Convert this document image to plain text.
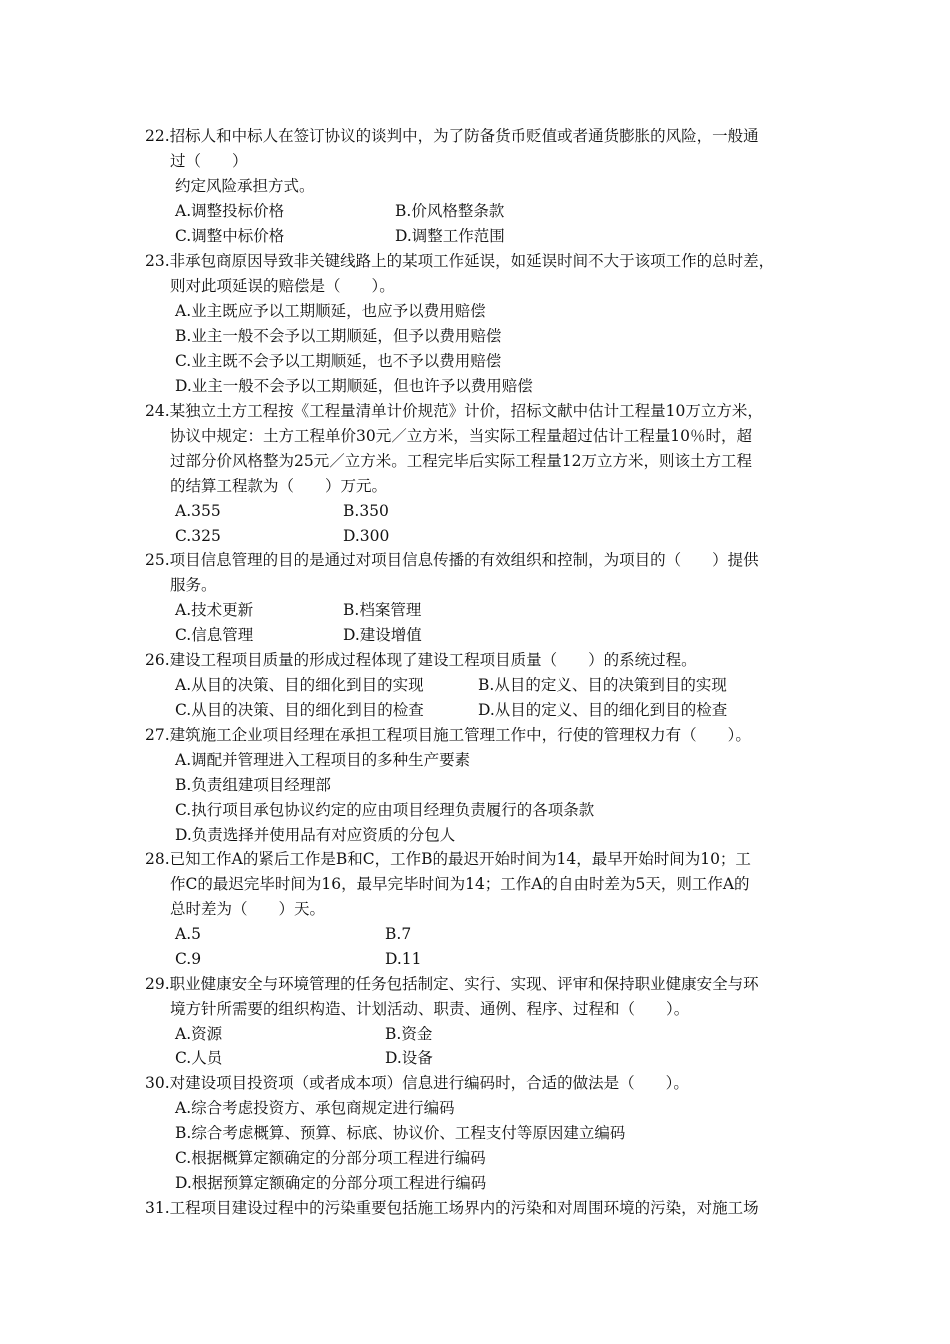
22.招标人和中标人在签订协议的谈判中，为了防备货币贬值或者通货膨胀的风险，一般通
过（　　）
约定风险承担方式。
A.调整投标价格	B.价风格整条款
C.调整中标价格	D.调整工作范围
23.非承包商原因导致非关键线路上的某项工作延误，如延误时间不大于该项工作的总时差，
则对此项延误的赔偿是（　　）。
A.业主既应予以工期顺延，也应予以费用赔偿
B.业主一般不会予以工期顺延，但予以费用赔偿
C.业主既不会予以工期顺延，也不予以费用赔偿
D.业主一般不会予以工期顺延，但也许予以费用赔偿
24.某独立土方工程按《工程量清单计价规范》计价，招标文献中估计工程量10万立方米，
协议中规定：土方工程单价30元／立方米，当实际工程量超过估计工程量10％时，超
过部分价风格整为25元／立方米。工程完毕后实际工程量12万立方米，则该土方工程
的结算工程款为（　　）万元。
A.355	B.350
C.325	D.300
25.项目信息管理的目的是通过对项目信息传播的有效组织和控制，为项目的（　　）提供
服务。
A.技术更新	B.档案管理
C.信息管理	D.建设增值
26.建设工程项目质量的形成过程体现了建设工程项目质量（　　）的系统过程。
A.从目的决策、目的细化到目的实现	B.从目的定义、目的决策到目的实现
C.从目的决策、目的细化到目的检查	D.从目的定义、目的细化到目的检查
27.建筑施工企业项目经理在承担工程项目施工管理工作中，行使的管理权力有（　　）。
A.调配并管理进入工程项目的多种生产要素
B.负责组建项目经理部
C.执行项目承包协议约定的应由项目经理负责履行的各项条款
D.负责选择并使用品有对应资质的分包人
28.已知工作A的紧后工作是B和C，工作B的最迟开始时间为14，最早开始时间为10；工
作C的最迟完毕时间为16，最早完毕时间为14；工作A的自由时差为5天，则工作A的
总时差为（　　）天。
A.5	B.7
C.9	D.11
29.职业健康安全与环境管理的任务包括制定、实行、实现、评审和保持职业健康安全与环
境方针所需要的组织构造、计划活动、职责、通例、程序、过程和（　　）。
A.资源	B.资金
C.人员	D.设备
30.对建设项目投资项（或者成本项）信息进行编码时，合适的做法是（　　）。
A.综合考虑投资方、承包商规定进行编码
B.综合考虑概算、预算、标底、协议价、工程支付等原因建立编码
C.根据概算定额确定的分部分项工程进行编码
D.根据预算定额确定的分部分项工程进行编码
31.工程项目建设过程中的污染重要包括施工场界内的污染和对周围环境的污染，对施工场
